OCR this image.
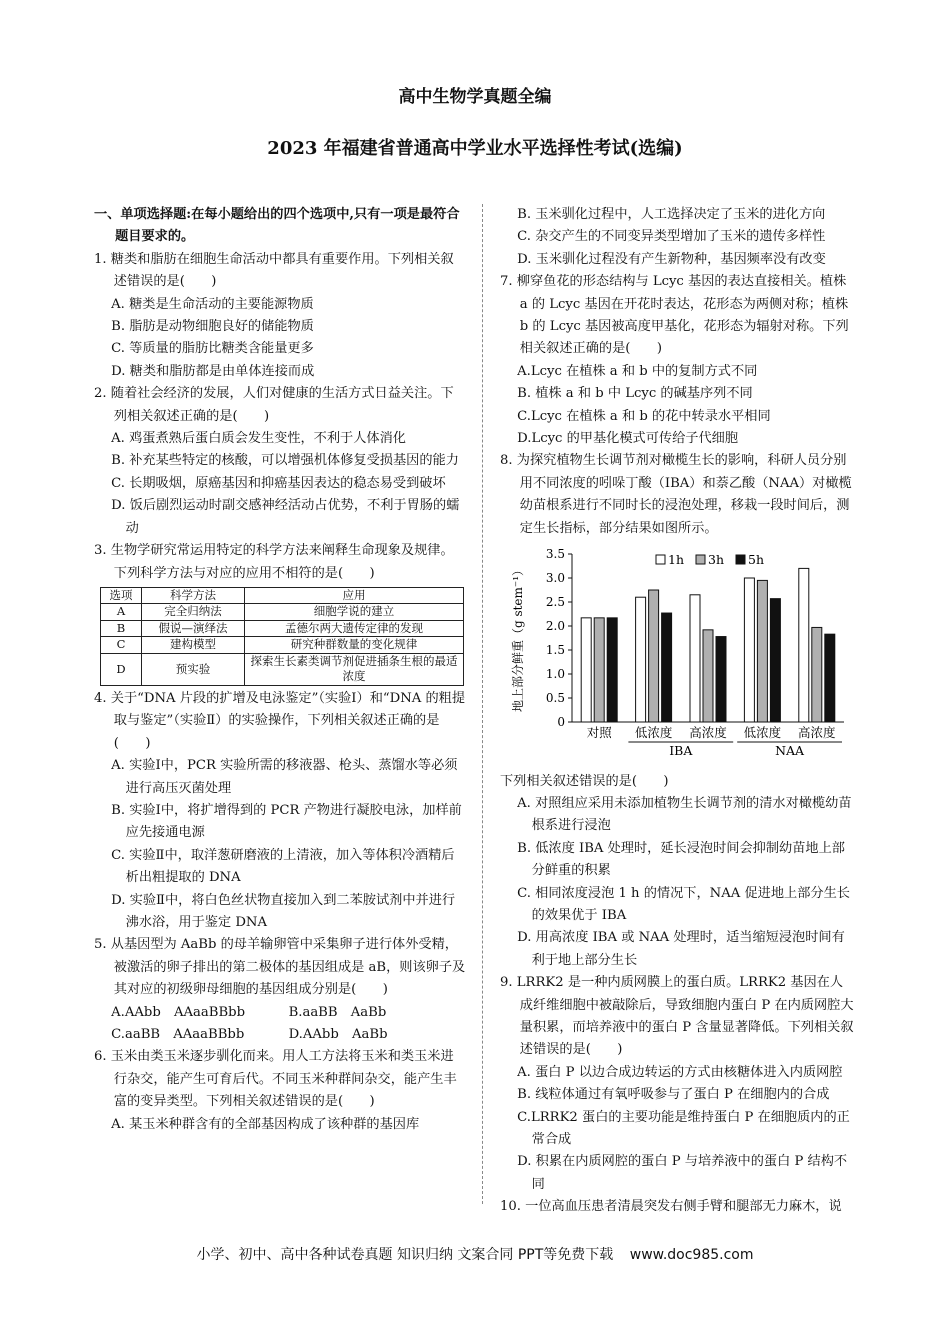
高中生物学真题全编
2023 年福建省普通高中学业水平选择性考试(选编)

一、单项选择题:在每小题给出的四个选项中,只有一项是最符合题目要求的。

1. 糖类和脂肪在细胞生命活动中都具有重要作用。下列相关叙述错误的是(　　)

A. 糖类是生命活动的主要能源物质

B. 脂肪是动物细胞良好的储能物质

C. 等质量的脂肪比糖类含能量更多

D. 糖类和脂肪都是由单体连接而成

2. 随着社会经济的发展，人们对健康的生活方式日益关注。下列相关叙述正确的是(　　)

A. 鸡蛋煮熟后蛋白质会发生变性，不利于人体消化

B. 补充某些特定的核酸，可以增强机体修复受损基因的能力

C. 长期吸烟，原癌基因和抑癌基因表达的稳态易受到破坏

D. 饭后剧烈运动时副交感神经活动占优势，不利于胃肠的蠕动

3. 生物学研究常运用特定的科学方法来阐释生命现象及规律。下列科学方法与对应的应用不相符的是(　　)

选项	科学方法	应用
A	完全归纳法	细胞学说的建立
B	假说—演绎法	孟德尔两大遗传定律的发现
C	建构模型	研究种群数量的变化规律
D	预实验	探索生长素类调节剂促进插条生根的最适浓度

4. 关于“DNA 片段的扩增及电泳鉴定”（实验Ⅰ）和“DNA 的粗提取与鉴定”（实验Ⅱ）的实验操作，下列相关叙述正确的是(　　)

A. 实验Ⅰ中，PCR 实验所需的移液器、枪头、蒸馏水等必须进行高压灭菌处理

B. 实验Ⅰ中，将扩增得到的 PCR 产物进行凝胶电泳，加样前应先接通电源

C. 实验Ⅱ中，取洋葱研磨液的上清液，加入等体积冷酒精后析出粗提取的 DNA

D. 实验Ⅱ中，将白色丝状物直接加入到二苯胺试剂中并进行沸水浴，用于鉴定 DNA

5. 从基因型为 AaBb 的母羊输卵管中采集卵子进行体外受精，被激活的卵子排出的第二极体的基因组成是 aB，则该卵子及其对应的初级卵母细胞的基因组成分别是(　　)

A.AAbb　AAaaBBbb	B.aaBB　AaBb
C.aaBB　AAaaBBbb	D.AAbb　AaBb

6. 玉米由类玉米逐步驯化而来。用人工方法将玉米和类玉米进行杂交，能产生可育后代。不同玉米种群间杂交，能产生丰富的变异类型。下列相关叙述错误的是(　　)

A. 某玉米种群含有的全部基因构成了该种群的基因库

B. 玉米驯化过程中，人工选择决定了玉米的进化方向

C. 杂交产生的不同变异类型增加了玉米的遗传多样性

D. 玉米驯化过程没有产生新物种，基因频率没有改变

7. 柳穿鱼花的形态结构与 Lcyc 基因的表达直接相关。植株 a 的 Lcyc 基因在开花时表达，花形态为两侧对称；植株 b 的 Lcyc 基因被高度甲基化，花形态为辐射对称。下列相关叙述正确的是(　　)

A.Lcyc 在植株 a 和 b 中的复制方式不同

B. 植株 a 和 b 中 Lcyc 的碱基序列不同

C.Lcyc 在植株 a 和 b 的花中转录水平相同

D.Lcyc 的甲基化模式可传给子代细胞

8. 为探究植物生长调节剂对橄榄生长的影响，科研人员分别用不同浓度的吲哚丁酸（IBA）和萘乙酸（NAA）对橄榄幼苗根系进行不同时长的浸泡处理，移栽一段时间后，测定生长指标，部分结果如图所示。

0
0.5
1.0
1.5
2.0
2.5
3.0
3.5
地上部分鲜重（g stem⁻¹）
对照 低浓度 高浓度 低浓度 高浓度
IBA	NAA
1h 3h 5h

下列相关叙述错误的是(　　)

A. 对照组应采用未添加植物生长调节剂的清水对橄榄幼苗根系进行浸泡

B. 低浓度 IBA 处理时，延长浸泡时间会抑制幼苗地上部分鲜重的积累

C. 相同浓度浸泡 1 h 的情况下，NAA 促进地上部分生长的效果优于 IBA

D. 用高浓度 IBA 或 NAA 处理时，适当缩短浸泡时间有利于地上部分生长

9. LRRK2 是一种内质网膜上的蛋白质。LRRK2 基因在人成纤维细胞中被敲除后，导致细胞内蛋白 P 在内质网腔大量积累，而培养液中的蛋白 P 含量显著降低。下列相关叙述错误的是(　　)

A. 蛋白 P 以边合成边转运的方式由核糖体进入内质网腔

B. 线粒体通过有氧呼吸参与了蛋白 P 在细胞内的合成

C.LRRK2 蛋白的主要功能是维持蛋白 P 在细胞质内的正常合成

D. 积累在内质网腔的蛋白 P 与培养液中的蛋白 P 结构不同

10. 一位高血压患者清晨突发右侧手臂和腿部无力麻木，说

小学、初中、高中各种试卷真题 知识归纳 文案合同 PPT等免费下载 www.doc985.com
